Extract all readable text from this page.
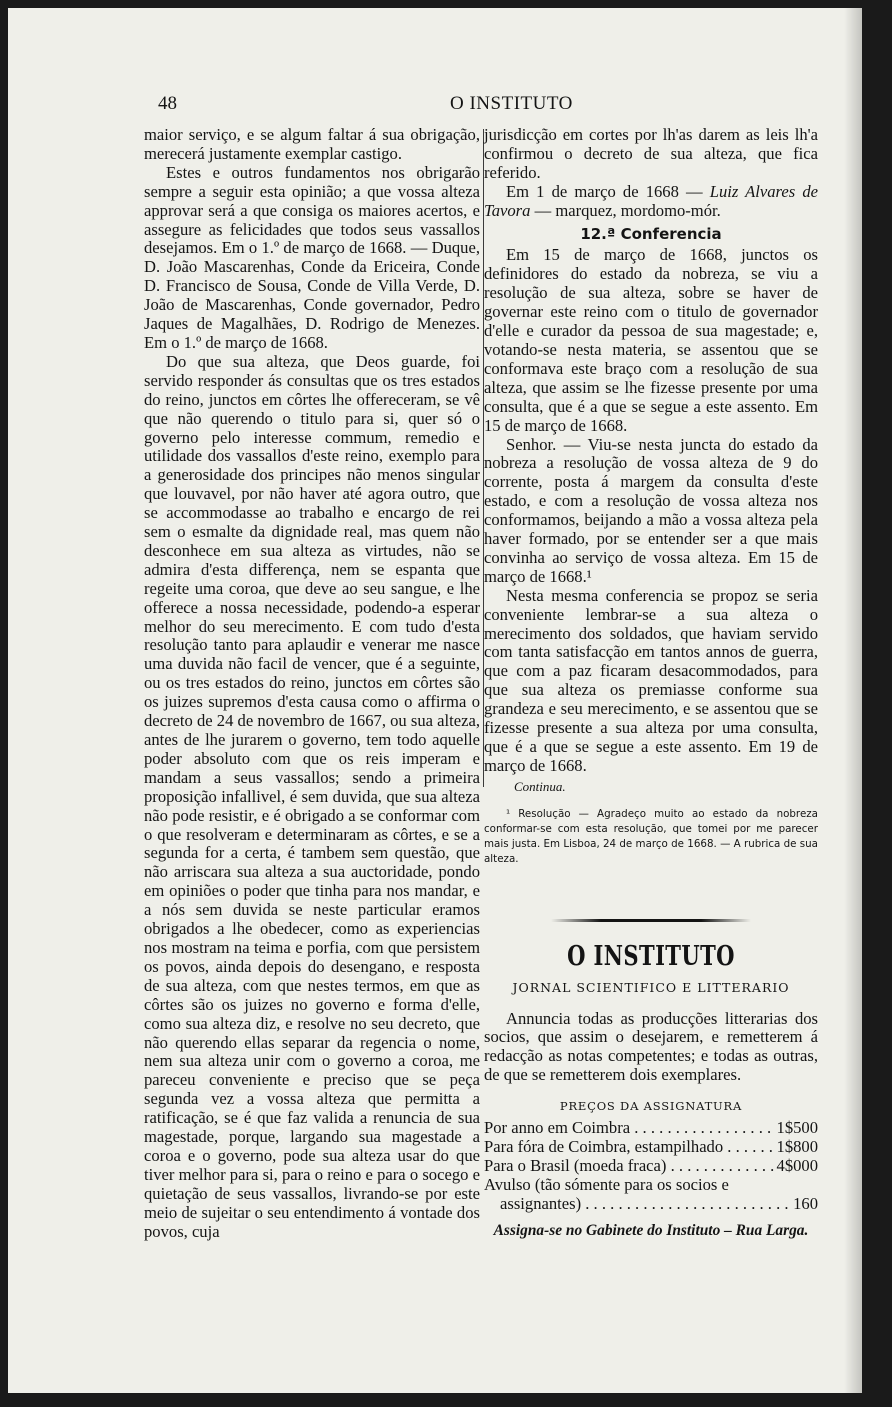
48	O INSTITUTO

maior serviço, e se algum faltar á sua obrigação, merecerá justamente exemplar castigo.

Estes e outros fundamentos nos obrigarão sempre a seguir esta opinião; a que vossa alteza approvar será a que consiga os maiores acertos, e assegure as felicidades que todos seus vassallos desejamos. Em o 1.º de março de 1668. — Duque, D. João Mascarenhas, Conde da Ericeira, Conde D. Francisco de Sousa, Conde de Villa Verde, D. João de Mascarenhas, Conde governador, Pedro Jaques de Magalhães, D. Rodrigo de Menezes. Em o 1.º de março de 1668.

Do que sua alteza, que Deos guarde, foi servido responder ás consultas que os tres estados do reino, junctos em côrtes lhe offereceram, se vê que não querendo o titulo para si, quer só o governo pelo interesse commum, remedio e utilidade dos vassallos d'este reino, exemplo para a generosidade dos principes não menos singular que louvavel, por não haver até agora outro, que se accommodasse ao trabalho e encargo de rei sem o esmalte da dignidade real, mas quem não desconhece em sua alteza as virtudes, não se admira d'esta differença, nem se espanta que regeite uma coroa, que deve ao seu sangue, e lhe offerece a nossa necessidade, podendo-a esperar melhor do seu merecimento. E com tudo d'esta resolução tanto para aplaudir e venerar me nasce uma duvida não facil de vencer, que é a seguinte, ou os tres estados do reino, junctos em côrtes são os juizes supremos d'esta causa como o affirma o decreto de 24 de novembro de 1667, ou sua alteza, antes de lhe jurarem o governo, tem todo aquelle poder absoluto com que os reis imperam e mandam a seus vassallos; sendo a primeira proposição infallivel, é sem duvida, que sua alteza não pode resistir, e é obrigado a se conformar com o que resolveram e determinaram as côrtes, e se a segunda for a certa, é tambem sem questão, que não arriscara sua alteza a sua auctoridade, pondo em opiniões o poder que tinha para nos mandar, e a nós sem duvida se neste particular eramos obrigados a lhe obedecer, como as experiencias nos mostram na teima e porfia, com que persistem os povos, ainda depois do desengano, e resposta de sua alteza, com que nestes termos, em que as côrtes são os juizes no governo e forma d'elle, como sua alteza diz, e resolve no seu decreto, que não querendo ellas separar da regencia o nome, nem sua alteza unir com o governo a coroa, me pareceu conveniente e preciso que se peça segunda vez a vossa alteza que permitta a ratificação, se é que faz valida a renuncia de sua magestade, porque, largando sua magestade a coroa e o governo, pode sua alteza usar do que tiver melhor para si, para o reino e para o socego e quietação de seus vassallos, livrando-se por este meio de sujeitar o seu entendimento á vontade dos povos, cuja

jurisdicção em cortes por lh'as darem as leis lh'a confirmou o decreto de sua alteza, que fica referido.

Em 1 de março de 1668 — Luiz Alvares de Tavora — marquez, mordomo-mór.

12.ª Conferencia

Em 15 de março de 1668, junctos os definidores do estado da nobreza, se viu a resolução de sua alteza, sobre se haver de governar este reino com o titulo de governador d'elle e curador da pessoa de sua magestade; e, votando-se nesta materia, se assentou que se conformava este braço com a resolução de sua alteza, que assim se lhe fizesse presente por uma consulta, que é a que se segue a este assento. Em 15 de março de 1668.

Senhor. — Viu-se nesta juncta do estado da nobreza a resolução de vossa alteza de 9 do corrente, posta á margem da consulta d'este estado, e com a resolução de vossa alteza nos conformamos, beijando a mão a vossa alteza pela haver formado, por se entender ser a que mais convinha ao serviço de vossa alteza. Em 15 de março de 1668.¹

Nesta mesma conferencia se propoz se seria conveniente lembrar-se a sua alteza o merecimento dos soldados, que haviam servido com tanta satisfacção em tantos annos de guerra, que com a paz ficaram desacommodados, para que sua alteza os premiasse conforme sua grandeza e seu merecimento, e se assentou que se fizesse presente a sua alteza por uma consulta, que é a que se segue a este assento. Em 19 de março de 1668.

Continua.

¹ Resolução — Agradeço muito ao estado da nobreza conformar-se com esta resolução, que tomei por me parecer mais justa. Em Lisboa, 24 de março de 1668. — A rubrica de sua alteza.

O INSTITUTO
JORNAL SCIENTIFICO E LITTERARIO

Annuncia todas as producções litterarias dos socios, que assim o desejarem, e remetterem á redacção as notas competentes; e todas as outras, de que se remetterem dois exemplares.

PREÇOS DA ASSIGNATURA
Por anno em Coimbra . . .	1$500
Para fóra de Coimbra, estampilhado . . .	1$800
Para o Brasil (moeda fraca) . . .	4$000
Avulso (tão sómente para os socios e
assignantes) . . .	160
Assigna-se no Gabinete do Instituto – Rua Larga.
